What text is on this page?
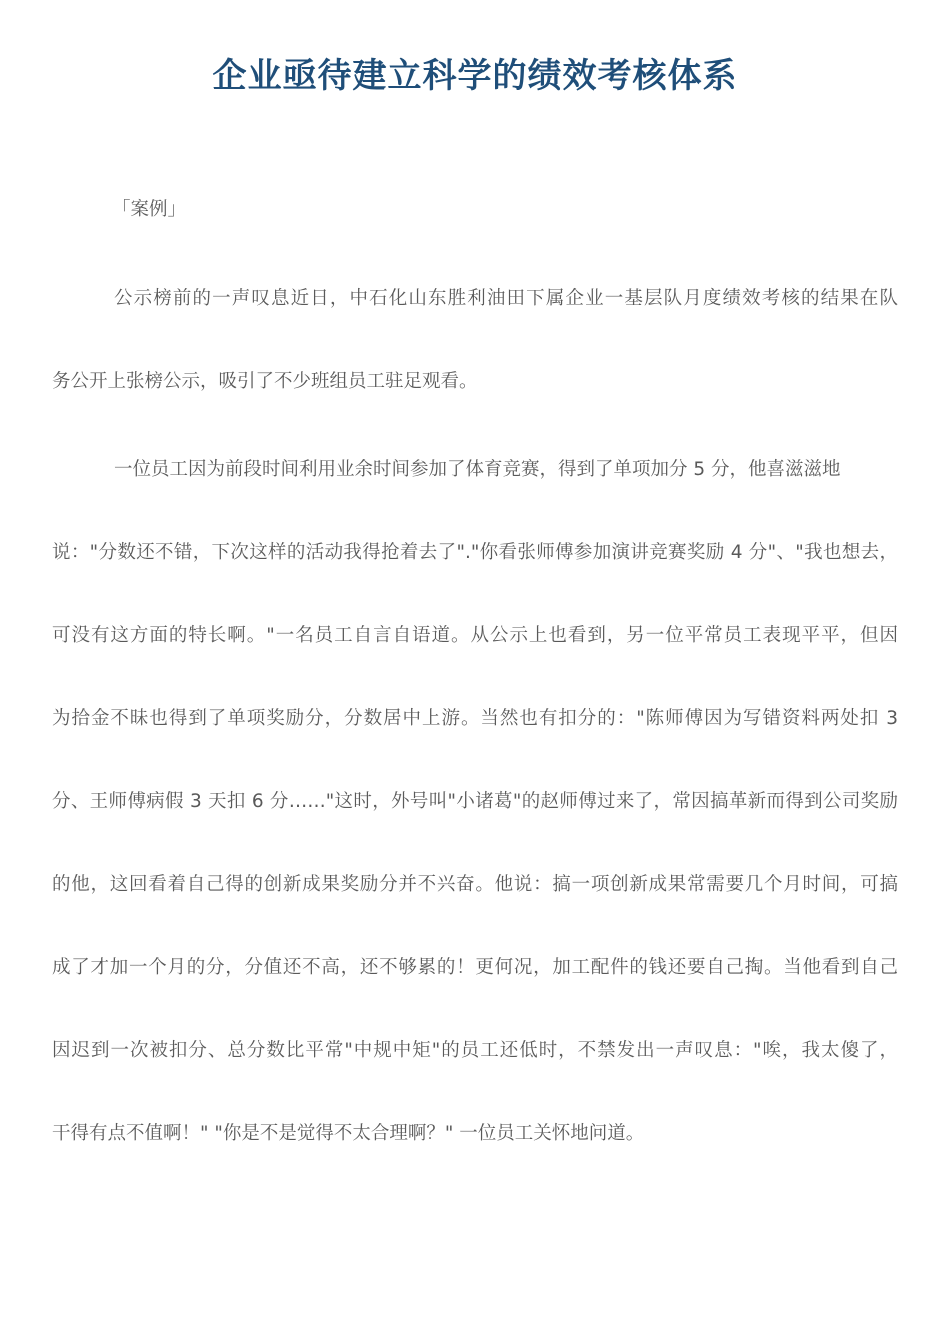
企业亟待建立科学的绩效考核体系
「案例」
公示榜前的一声叹息近日，中石化山东胜利油田下属企业一基层队月度绩效考核的结果在队
务公开上张榜公示，吸引了不少班组员工驻足观看。
一位员工因为前段时间利用业余时间参加了体育竞赛，得到了单项加分 5 分，他喜滋滋地
说："分数还不错，下次这样的活动我得抢着去了"."你看张师傅参加演讲竞赛奖励 4 分"、"我也想去，
可没有这方面的特长啊。"一名员工自言自语道。从公示上也看到，另一位平常员工表现平平，但因
为拾金不昧也得到了单项奖励分，分数居中上游。当然也有扣分的："陈师傅因为写错资料两处扣 3
分、王师傅病假 3 天扣 6 分……"这时，外号叫"小诸葛"的赵师傅过来了，常因搞革新而得到公司奖励
的他，这回看着自己得的创新成果奖励分并不兴奋。他说：搞一项创新成果常需要几个月时间，可搞
成了才加一个月的分，分值还不高，还不够累的！更何况，加工配件的钱还要自己掏。当他看到自己
因迟到一次被扣分、总分数比平常"中规中矩"的员工还低时，不禁发出一声叹息："唉，我太傻了，
干得有点不值啊！" "你是不是觉得不太合理啊？" 一位员工关怀地问道。
